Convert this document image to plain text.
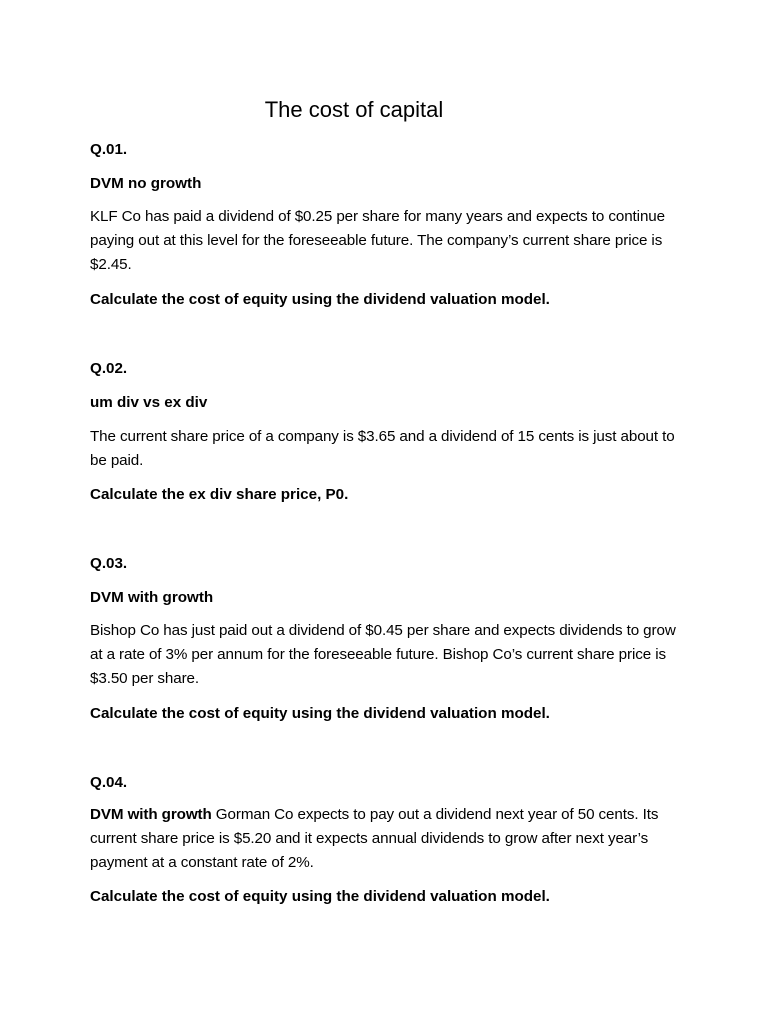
The cost of capital
Q.01.
DVM no growth
KLF Co has paid a dividend of $0.25 per share for many years and expects to continue paying out at this level for the foreseeable future. The company’s current share price is $2.45.
Calculate the cost of equity using the dividend valuation model.
Q.02.
um div vs ex div
The current share price of a company is $3.65 and a dividend of 15 cents is just about to be paid.
Calculate the ex div share price, P0.
Q.03.
DVM with growth
Bishop Co has just paid out a dividend of $0.45 per share and expects dividends to grow at a rate of 3% per annum for the foreseeable future. Bishop Co’s current share price is $3.50 per share.
Calculate the cost of equity using the dividend valuation model.
Q.04.
DVM with growth Gorman Co expects to pay out a dividend next year of 50 cents. Its current share price is $5.20 and it expects annual dividends to grow after next year’s payment at a constant rate of 2%.
Calculate the cost of equity using the dividend valuation model.
